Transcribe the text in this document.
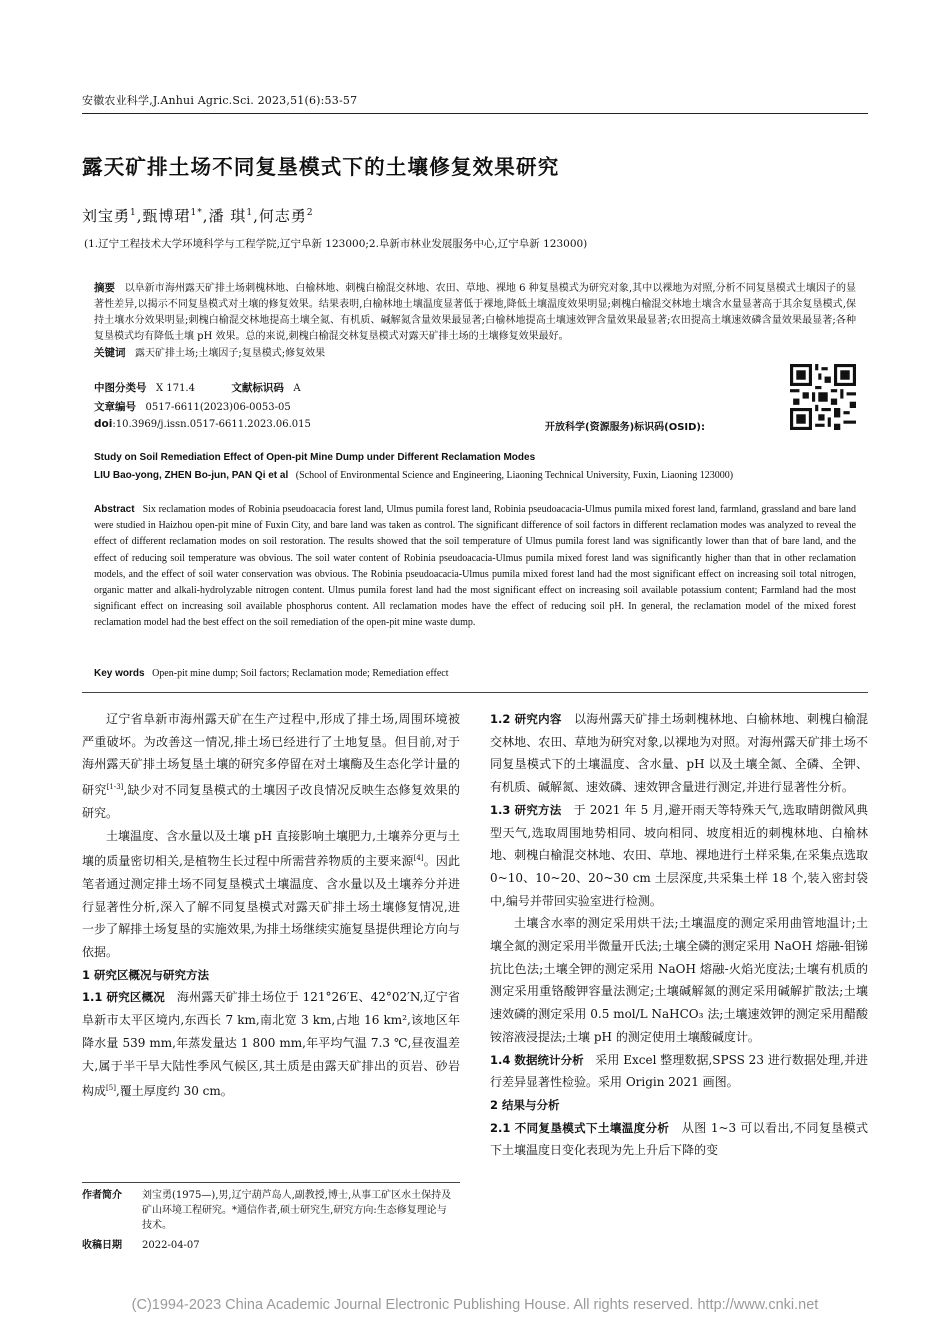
安徽农业科学,J.Anhui Agric.Sci. 2023,51(6):53-57
露天矿排土场不同复垦模式下的土壤修复效果研究
刘宝勇$^1$,甄博珺$^{1*}$,潘 琪$^1$,何志勇$^2$
(1.辽宁工程技术大学环境科学与工程学院,辽宁阜新 123000;2.阜新市林业发展服务中心,辽宁阜新 123000)
摘要 以阜新市海州露天矿排土场刺槐林地、白榆林地、刺槐白榆混交林地、农田、草地、裸地 6 种复垦模式为研究对象,其中以裸地为对照,分析不同复垦模式土壤因子的显著性差异,以揭示不同复垦模式对土壤的修复效果。结果表明,白榆林地土壤温度显著低于裸地,降低土壤温度效果明显;刺槐白榆混交林地土壤含水量显著高于其余复垦模式,保持土壤水分效果明显;刺槐白榆混交林地提高土壤全氮、有机质、碱解氮含量效果最显著;白榆林地提高土壤速效钾含量效果最显著;农田提高土壤速效磷含量效果最显著;各种复垦模式均有降低土壤 pH 效果。总的来说,刺槐白榆混交林复垦模式对露天矿排土场的土壤修复效果最好。
关键词 露天矿排土场;土壤因子;复垦模式;修复效果
中图分类号 X 171.4	文献标识码 A
文章编号 0517-6611(2023)06-0053-05
doi:10.3969/j.issn.0517-6611.2023.06.015	开放科学(资源服务)标识码(OSID):
Study on Soil Remediation Effect of Open-pit Mine Dump under Different Reclamation Modes
LIU Bao-yong, ZHEN Bo-jun, PAN Qi et al (School of Environmental Science and Engineering, Liaoning Technical University, Fuxin, Liaoning 123000)
Abstract Six reclamation modes of Robinia pseudoacacia forest land, Ulmus pumila forest land, Robinia pseudoacacia-Ulmus pumila mixed forest land, farmland, grassland and bare land were studied in Haizhou open-pit mine of Fuxin City, and bare land was taken as control. The significant difference of soil factors in different reclamation modes was analyzed to reveal the effect of different reclamation modes on soil restoration. The results showed that the soil temperature of Ulmus pumila forest land was significantly lower than that of bare land, and the effect of reducing soil temperature was obvious. The soil water content of Robinia pseudoacacia-Ulmus pumila mixed forest land was significantly higher than that in other reclamation models, and the effect of soil water conservation was obvious. The Robinia pseudoacacia-Ulmus pumila mixed forest land had the most significant effect on increasing soil total nitrogen, organic matter and alkali-hydrolyzable nitrogen content. Ulmus pumila forest land had the most significant effect on increasing soil available potassium content; Farmland had the most significant effect on increasing soil available phosphorus content. All reclamation modes have the effect of reducing soil pH. In general, the reclamation model of the mixed forest reclamation model had the best effect on the soil remediation of the open-pit mine waste dump.
Key words Open-pit mine dump; Soil factors; Reclamation mode; Remediation effect

辽宁省阜新市海州露天矿在生产过程中,形成了排土场,周围环境被严重破坏。为改善这一情况,排土场已经进行了土地复垦。但目前,对于海州露天矿排土场复垦土壤的研究多停留在对土壤酶及生态化学计量的研究[1-3],缺少对不同复垦模式的土壤因子改良情况反映生态修复效果的研究。

土壤温度、含水量以及土壤 pH 直接影响土壤肥力,土壤养分更与土壤的质量密切相关,是植物生长过程中所需营养物质的主要来源[4]。因此笔者通过测定排土场不同复垦模式土壤温度、含水量以及土壤养分并进行显著性分析,深入了解不同复垦模式对露天矿排土场土壤修复情况,进一步了解排土场复垦的实施效果,为排土场继续实施复垦提供理论方向与依据。

1 研究区概况与研究方法

1.1 研究区概况 海州露天矿排土场位于 121°26′E、42°02′N,辽宁省阜新市太平区境内,东西长 7 km,南北宽 3 km,占地 16 km²,该地区年降水量 539 mm,年蒸发量达 1 800 mm,年平均气温 7.3 ℃,昼夜温差大,属于半干旱大陆性季风气候区,其土质是由露天矿排出的页岩、砂岩构成[5],覆土厚度约 30 cm。

1.2 研究内容 以海州露天矿排土场刺槐林地、白榆林地、刺槐白榆混交林地、农田、草地为研究对象,以裸地为对照。对海州露天矿排土场不同复垦模式下的土壤温度、含水量、pH 以及土壤全氮、全磷、全钾、有机质、碱解氮、速效磷、速效钾含量进行测定,并进行显著性分析。

1.3 研究方法 于 2021 年 5 月,避开雨天等特殊天气,选取晴朗微风典型天气,选取周围地势相同、坡向相同、坡度相近的刺槐林地、白榆林地、刺槐白榆混交林地、农田、草地、裸地进行土样采集,在采集点选取 0~10、10~20、20~30 cm 土层深度,共采集土样 18 个,装入密封袋中,编号并带回实验室进行检测。

土壤含水率的测定采用烘干法;土壤温度的测定采用曲管地温计;土壤全氮的测定采用半微量开氏法;土壤全磷的测定采用 NaOH 熔融-钼锑抗比色法;土壤全钾的测定采用 NaOH 熔融-火焰光度法;土壤有机质的测定采用重铬酸钾容量法测定;土壤碱解氮的测定采用碱解扩散法;土壤速效磷的测定采用 0.5 mol/L NaHCO₃ 法;土壤速效钾的测定采用醋酸铵溶液浸提法;土壤 pH 的测定使用土壤酸碱度计。

1.4 数据统计分析 采用 Excel 整理数据,SPSS 23 进行数据处理,并进行差异显著性检验。采用 Origin 2021 画图。

2 结果与分析

2.1 不同复垦模式下土壤温度分析 从图 1~3 可以看出,不同复垦模式下土壤温度日变化表现为先上升后下降的变

作者简介 刘宝勇(1975—),男,辽宁葫芦岛人,副教授,博士,从事工矿区水土保持及矿山环境工程研究。*通信作者,硕士研究生,研究方向:生态修复理论与技术。
收稿日期 2022-04-07
(C)1994-2023 China Academic Journal Electronic Publishing House. All rights reserved. http://www.cnki.net
